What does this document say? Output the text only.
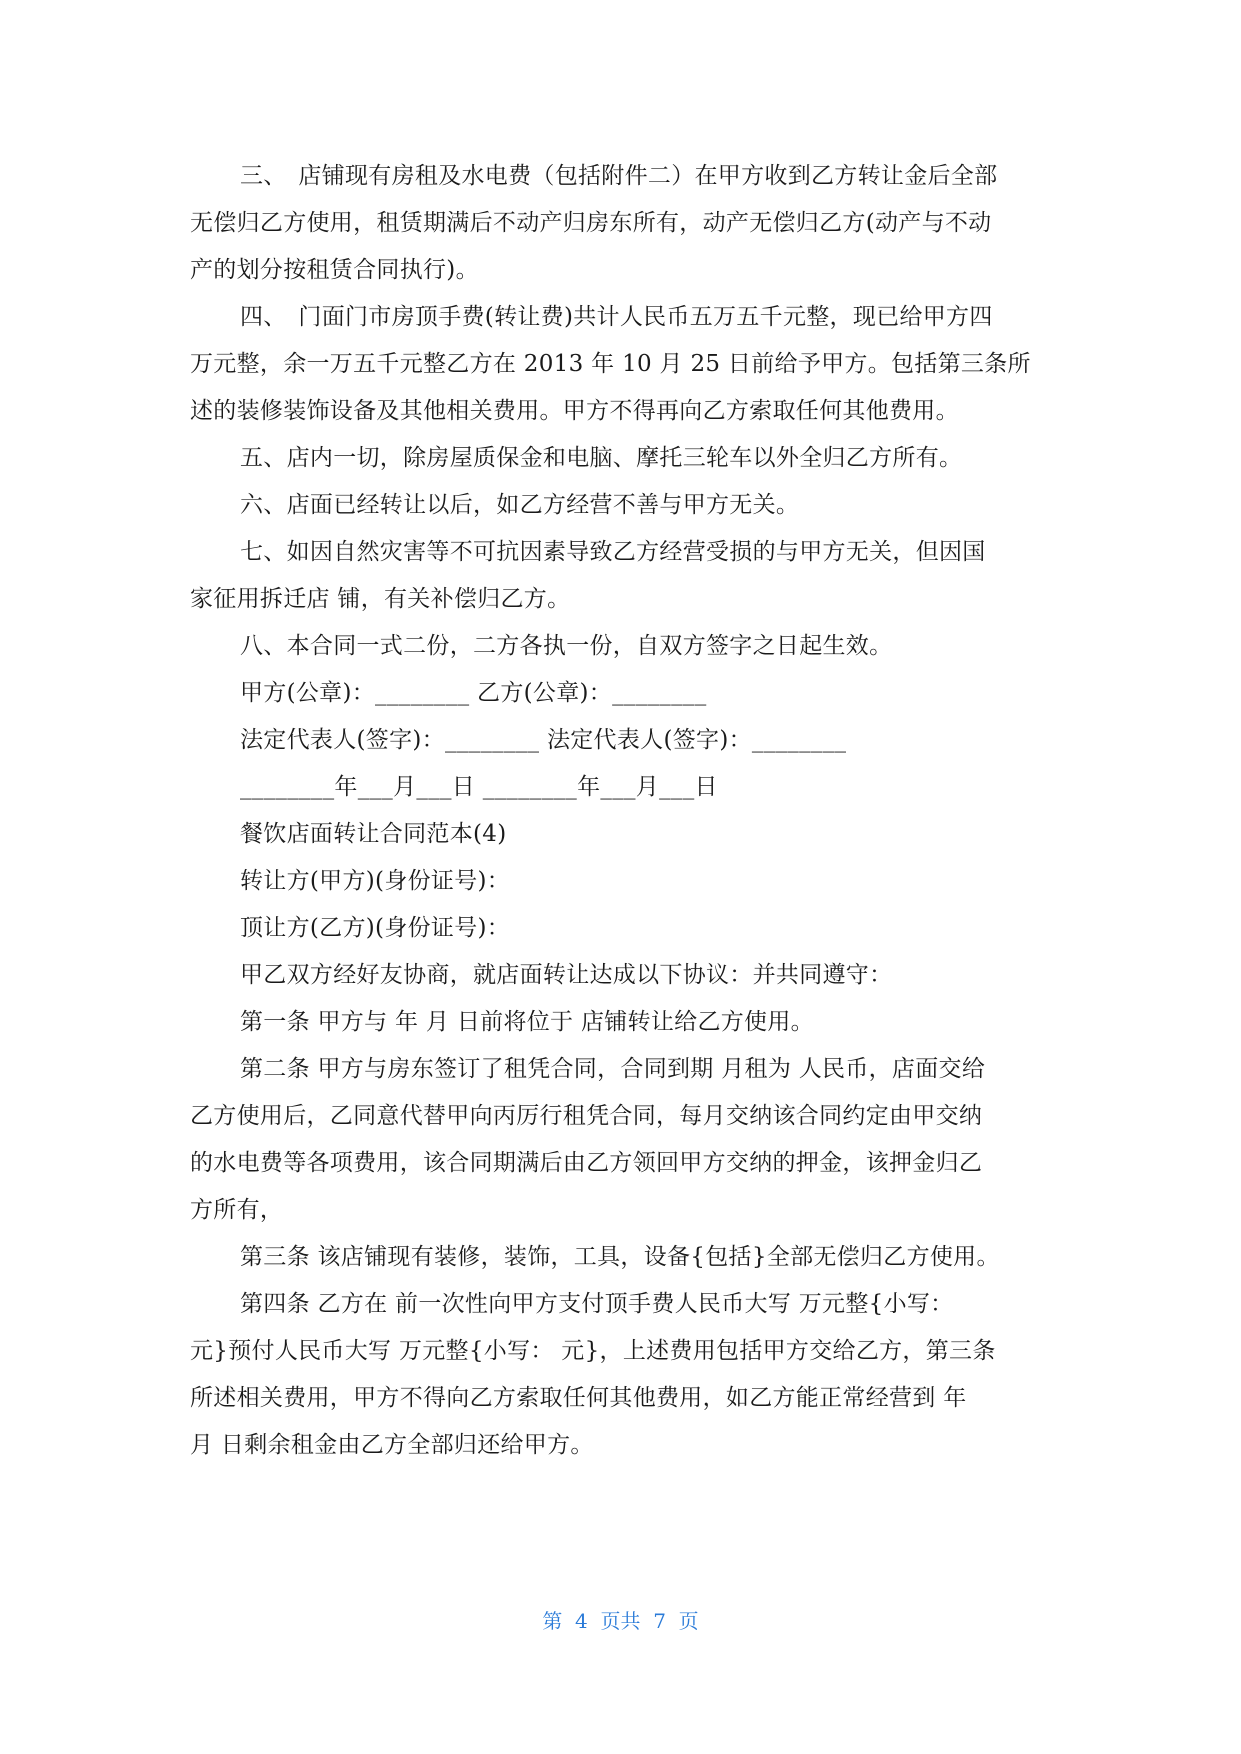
三、　店铺现有房租及水电费（包括附件二）在甲方收到乙方转让金后全部
无偿归乙方使用，租赁期满后不动产归房东所有，动产无偿归乙方(动产与不动
产的划分按租赁合同执行)。
四、　门面门市房顶手费(转让费)共计人民币五万五千元整，现已给甲方四
万元整，余一万五千元整乙方在 2013 年 10 月 25 日前给予甲方。包括第三条所
述的装修装饰设备及其他相关费用。甲方不得再向乙方索取任何其他费用。
五、店内一切，除房屋质保金和电脑、摩托三轮车以外全归乙方所有。
六、店面已经转让以后，如乙方经营不善与甲方无关。
七、如因自然灾害等不可抗因素导致乙方经营受损的与甲方无关，但因国
家征用拆迁店 铺，有关补偿归乙方。
八、本合同一式二份，二方各执一份，自双方签字之日起生效。
甲方(公章)：________ 乙方(公章)：________
法定代表人(签字)：________ 法定代表人(签字)：________
________年___月___日 ________年___月___日
餐饮店面转让合同范本(4)
转让方(甲方)(身份证号)：
顶让方(乙方)(身份证号)：
甲乙双方经好友协商，就店面转让达成以下协议：并共同遵守：
第一条 甲方与 年 月 日前将位于 店铺转让给乙方使用。
第二条 甲方与房东签订了租凭合同，合同到期 月租为 人民币，店面交给
乙方使用后，乙同意代替甲向丙厉行租凭合同，每月交纳该合同约定由甲交纳
的水电费等各项费用，该合同期满后由乙方领回甲方交纳的押金，该押金归乙
方所有，
第三条 该店铺现有装修，装饰，工具，设备{包括}全部无偿归乙方使用。
第四条 乙方在 前一次性向甲方支付顶手费人民币大写 万元整{小写：
元}预付人民币大写 万元整{小写： 元}，上述费用包括甲方交给乙方，第三条
所述相关费用，甲方不得向乙方索取任何其他费用，如乙方能正常经营到 年
月 日剩余租金由乙方全部归还给甲方。
第  4  页共  7  页
